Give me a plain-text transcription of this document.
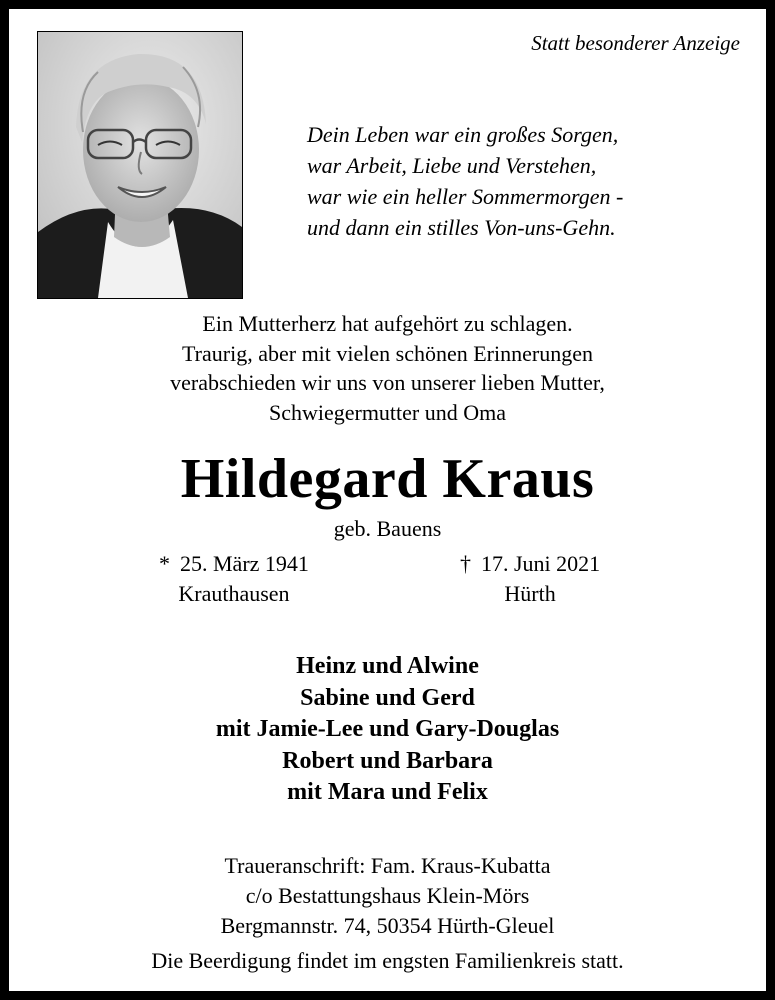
Statt besonderer Anzeige
Dein Leben war ein großes Sorgen,
war Arbeit, Liebe und Verstehen,
war wie ein heller Sommermorgen -
und dann ein stilles Von-uns-Gehn.
Ein Mutterherz hat aufgehört zu schlagen.
Traurig, aber mit vielen schönen Erinnerungen
verabschieden wir uns von unserer lieben Mutter,
Schwiegermutter und Oma
Hildegard Kraus
geb. Bauens
* 25. März 1941
Krauthausen
† 17. Juni 2021
Hürth
Heinz und Alwine
Sabine und Gerd
mit Jamie-Lee und Gary-Douglas
Robert und Barbara
mit Mara und Felix
Traueranschrift: Fam. Kraus-Kubatta
c/o Bestattungshaus Klein-Mörs
Bergmannstr. 74, 50354 Hürth-Gleuel
Die Beerdigung findet im engsten Familienkreis statt.
